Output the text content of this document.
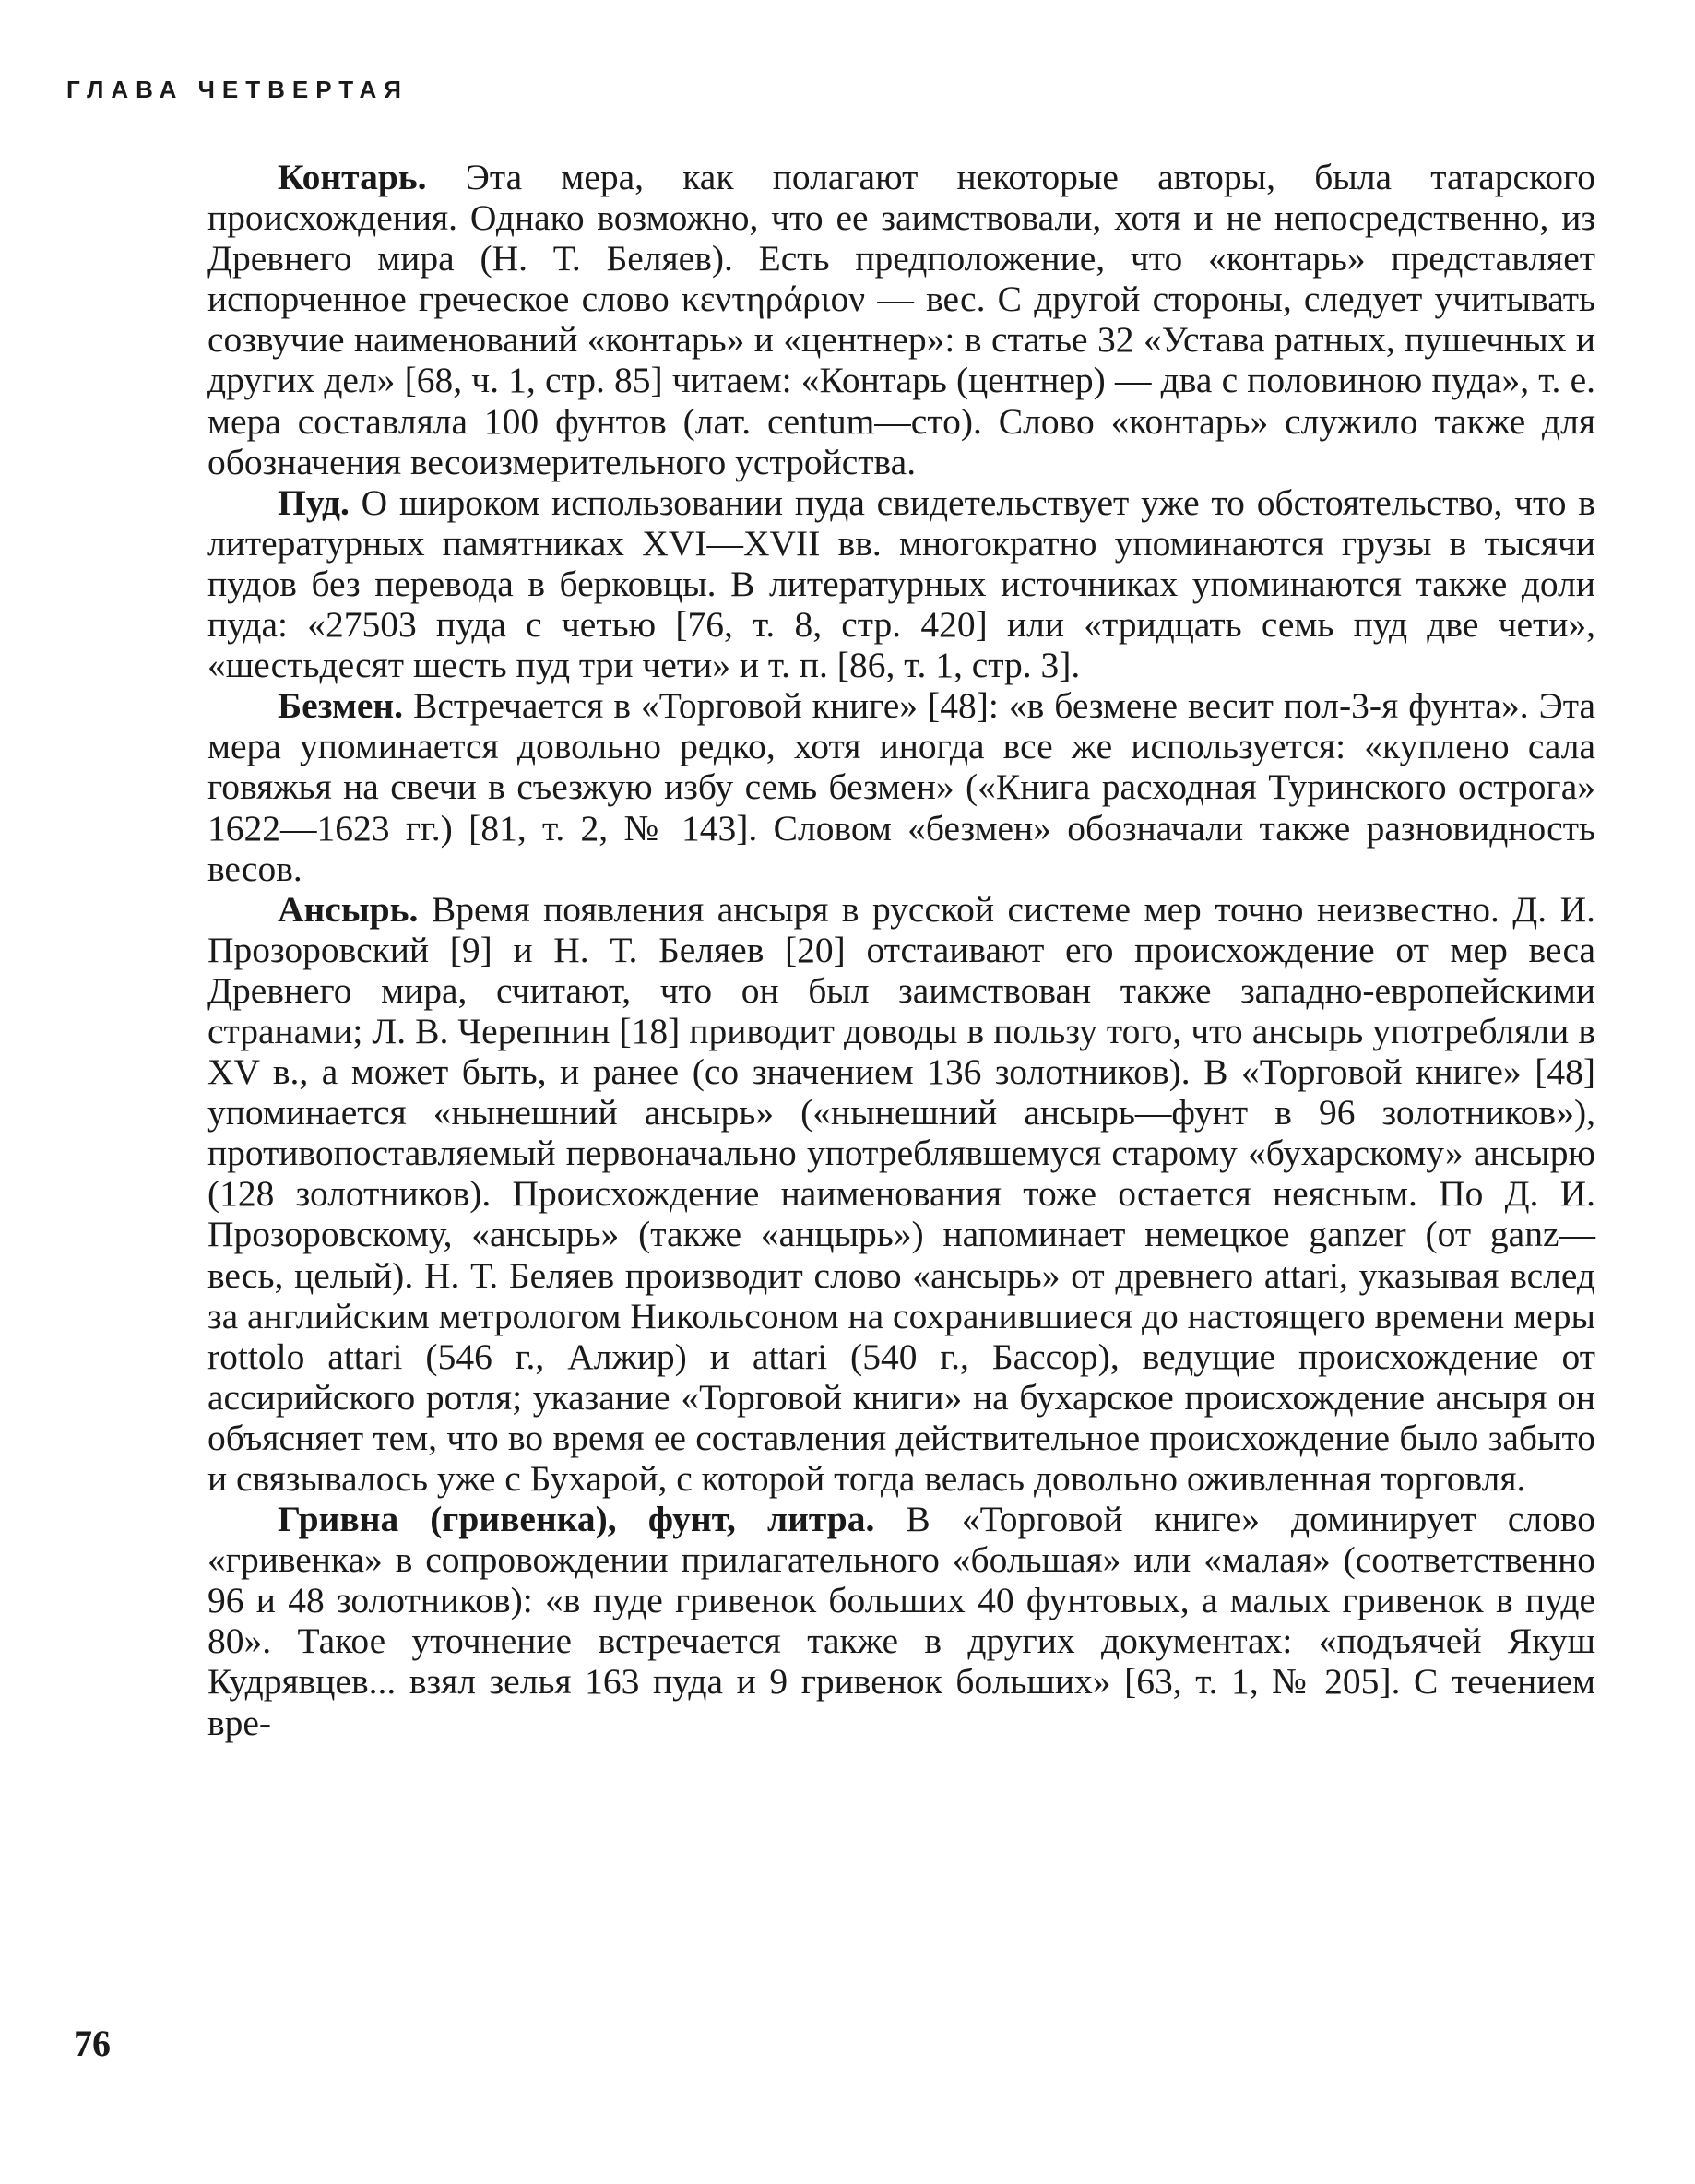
ГЛАВА ЧЕТВЕРТАЯ

Контарь. Эта мера, как полагают некоторые авторы, была татарского происхождения. Однако возможно, что ее заимствовали, хотя и не непосредственно, из Древнего мира (Н. Т. Беляев). Есть предположение, что «контарь» представляет испорченное греческое слово κεντηράριον — вес. С другой стороны, следует учитывать созвучие наименований «контарь» и «центнер»: в статье 32 «Устава ратных, пушечных и других дел» [68, ч. 1, стр. 85] читаем: «Контарь (центнер) — два с половиною пуда», т. е. мера составляла 100 фунтов (лат. centum—сто). Слово «контарь» служило также для обозначения весоизмерительного устройства.

Пуд. О широком использовании пуда свидетельствует уже то обстоятельство, что в литературных памятниках XVI—XVII вв. многократно упоминаются грузы в тысячи пудов без перевода в берковцы. В литературных источниках упоминаются также доли пуда: «27503 пуда с четью [76, т. 8, стр. 420] или «тридцать семь пуд две чети», «шестьдесят шесть пуд три чети» и т. п. [86, т. 1, стр. 3].

Безмен. Встречается в «Торговой книге» [48]: «в безмене весит пол-3-я фунта». Эта мера упоминается довольно редко, хотя иногда все же используется: «куплено сала говяжья на свечи в съезжую избу семь безмен» («Книга расходная Туринского острога» 1622—1623 гг.) [81, т. 2, № 143]. Словом «безмен» обозначали также разновидность весов.

Ансырь. Время появления ансыря в русской системе мер точно неизвестно. Д. И. Прозоровский [9] и Н. Т. Беляев [20] отстаивают его происхождение от мер веса Древнего мира, считают, что он был заимствован также западно-европейскими странами; Л. В. Черепнин [18] приводит доводы в пользу того, что ансырь употребляли в XV в., а может быть, и ранее (со значением 136 золотников). В «Торговой книге» [48] упоминается «нынешний ансырь» («нынешний ансырь—фунт в 96 золотников»), противопоставляемый первоначально употреблявшемуся старому «бухарскому» ансырю (128 золотников). Происхождение наименования тоже остается неясным. По Д. И. Прозоровскому, «ансырь» (также «анцырь») напоминает немецкое ganzer (от ganz— весь, целый). Н. Т. Беляев производит слово «ансырь» от древнего attari, указывая вслед за английским метрологом Никольсоном на сохранившиеся до настоящего времени меры rottolo attari (546 г., Алжир) и attari (540 г., Бассор), ведущие происхождение от ассирийского ротля; указание «Торговой книги» на бухарское происхождение ансыря он объясняет тем, что во время ее составления действительное происхождение было забыто и связывалось уже с Бухарой, с которой тогда велась довольно оживленная торговля.

Гривна (гривенка), фунт, литра. В «Торговой книге» доминирует слово «гривенка» в сопровождении прилагательного «большая» или «малая» (соответственно 96 и 48 золотников): «в пуде гривенок больших 40 фунтовых, а малых гривенок в пуде 80». Такое уточнение встречается также в других документах: «подъячей Якуш Кудрявцев... взял зелья 163 пуда и 9 гривенок больших» [63, т. 1, № 205]. С течением вре-

76
